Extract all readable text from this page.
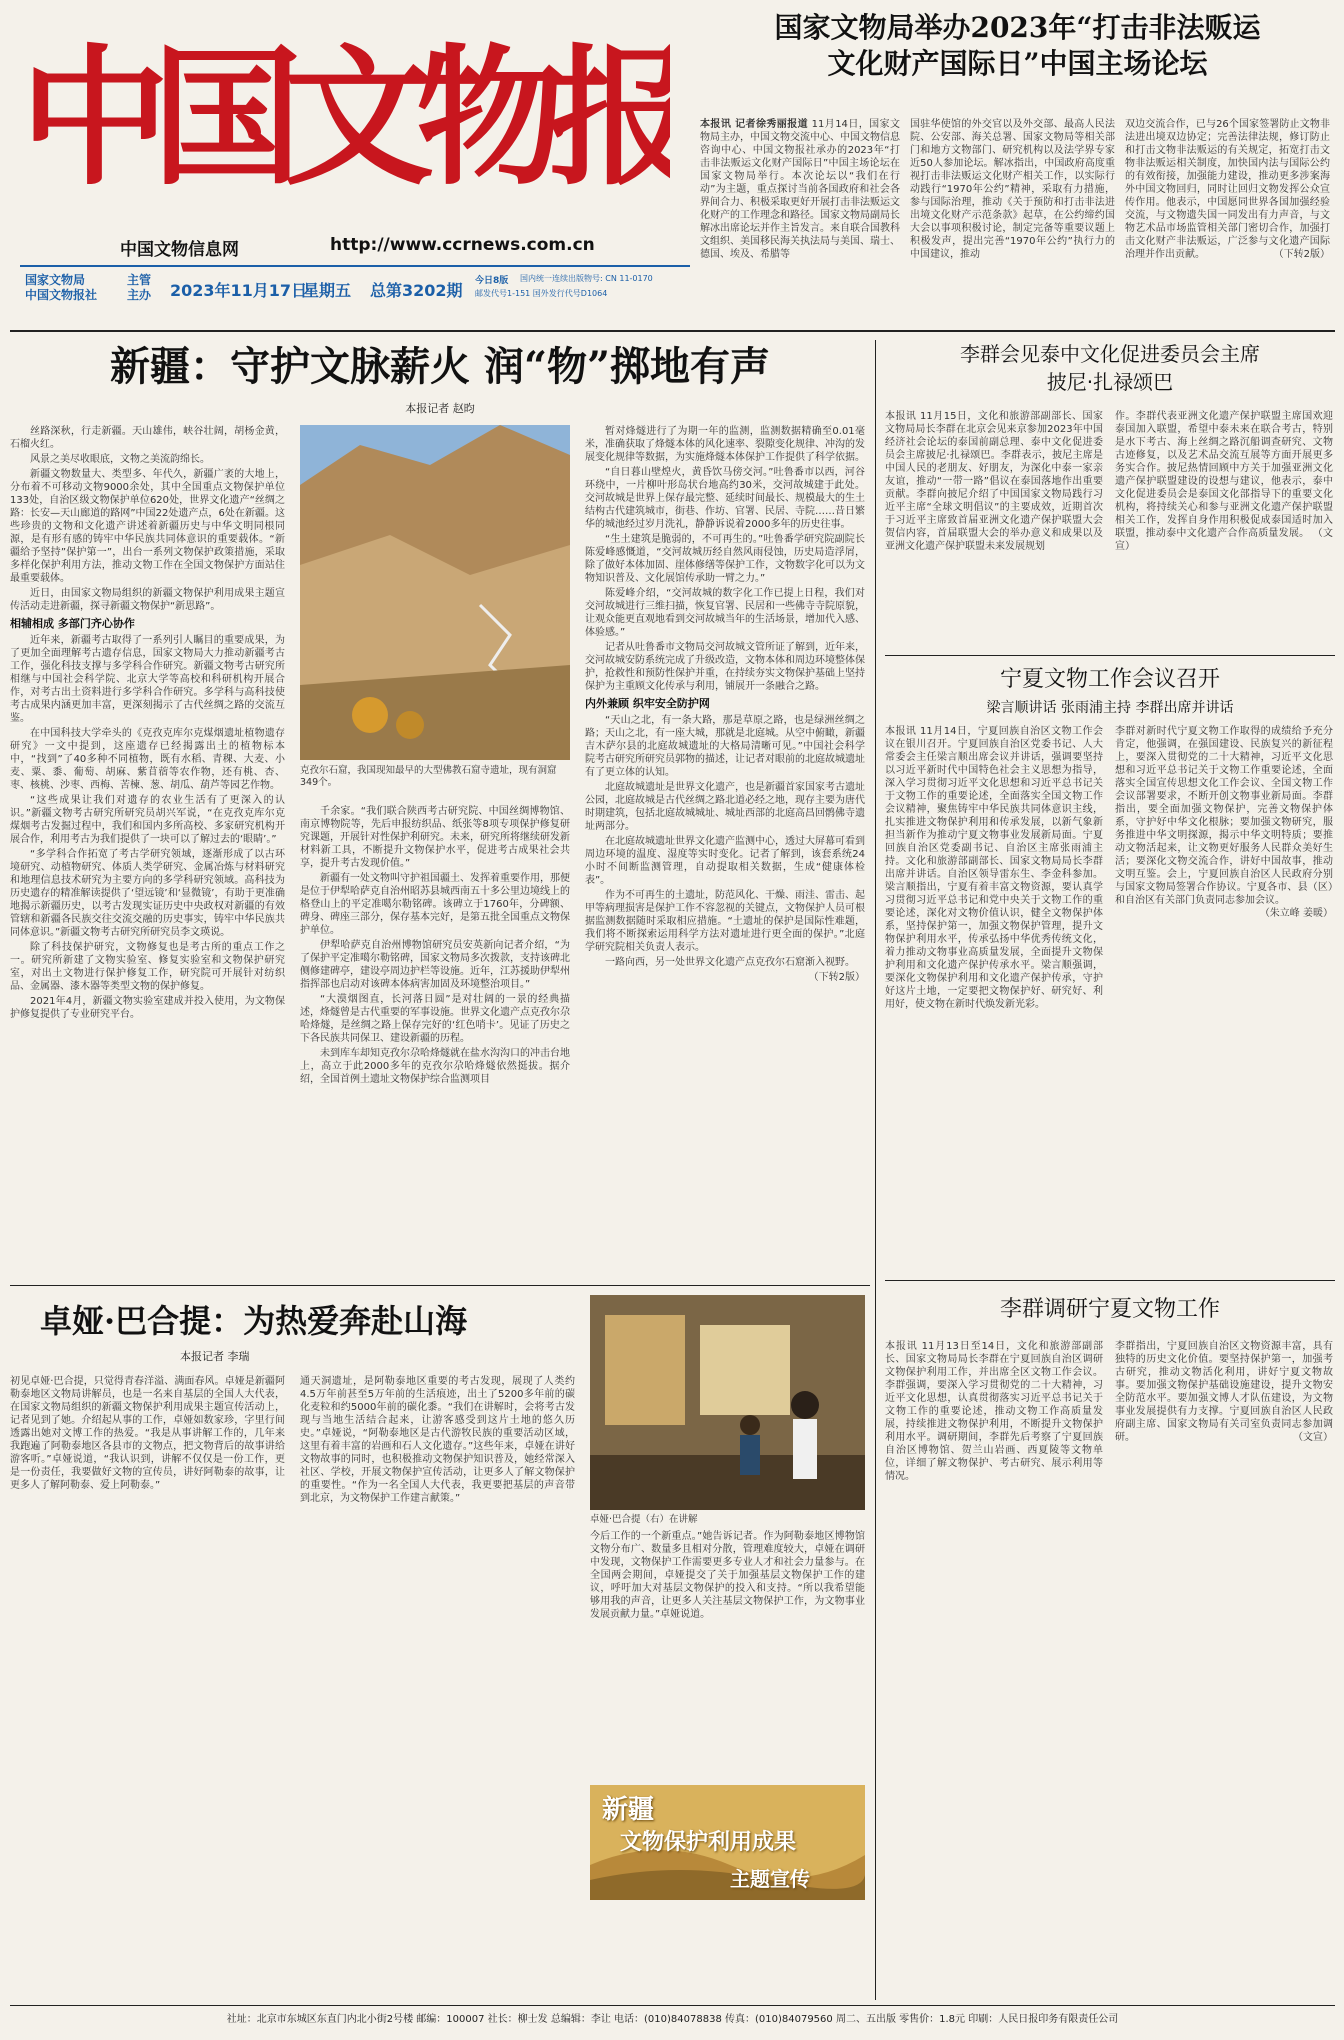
中国文物报
中国文物信息网	http://www.ccrnews.com.cn
国家文物局
中国文物报社
主管
主办	2023年11月17日
星期五 总第3202期 今日8版 国内统一连续出版物号: CN 11-0170
邮发代号1-151 国外发行代号D1064
国家文物局举办2023年“打击非法贩运
文化财产国际日”中国主场论坛
本报讯 记者徐秀丽报道 11月14日，国家文物局主办，中国文物交流中心、中国文物信息咨询中心、中国文物报社承办的2023年“打击非法贩运文化财产国际日”中国主场论坛在国家文物局举行。本次论坛以“我们在行动”为主题，重点探讨当前各国政府和社会各界间合力、积极采取更好开展打击非法贩运文化财产的工作理念和路径。国家文物局副局长解冰出席论坛并作主旨发言。来自联合国教科文组织、美国移民海关执法局与美国、瑞士、德国、埃及、希腊等
国驻华使馆的外交官以及外交部、最高人民法院、公安部、海关总署、国家文物局等相关部门和地方文物部门、研究机构以及法学界专家近50人参加论坛。解冰指出，中国政府高度重视打击非法贩运文化财产相关工作，以实际行动践行“1970年公约”精神，采取有力措施，参与国际治理，推动《关于预防和打击非法进出境文化财产示范条款》起草，在公约缔约国大会以事项积极讨论，制定完备等重要议题上积极发声，提出完善“1970年公约”执行力的中国建议，推动
双边交流合作，已与26个国家签署防止文物非法进出境双边协定；完善法律法规，修订防止和打击文物非法贩运的有关规定，拓宽打击文物非法贩运相关制度，加快国内法与国际公约的有效衔接，加强能力建设，推动更多涉案海外中国文物回归，同时让回归文物发挥公众宣传作用。他表示，中国愿同世界各国加强经验交流，与文物遗失国一同发出有力声音，与文物艺术品市场监管相关部门密切合作，加强打击文化财产非法贩运，广泛参与文化遗产国际治理并作出贡献。	（下转2版）
新疆：守护文脉薪火 润“物”掷地有声
本报记者 赵昀

丝路深秋，行走新疆。天山雄伟，峡谷壮阔，胡杨金黄，石榴火红。

风景之美尽收眼底，文物之美流韵绵长。

新疆文物数量大、类型多、年代久，新疆广袤的大地上，分布着不可移动文物9000余处，其中全国重点文物保护单位133处，自治区级文物保护单位620处，世界文化遗产“丝绸之路：长安—天山廊道的路网”中国22处遗产点，6处在新疆。这些珍贵的文物和文化遗产讲述着新疆历史与中华文明同根同源，是有形有感的铸牢中华民族共同体意识的重要载体。“新疆给予坚持”保护第一”，出台一系列文物保护政策措施，采取多样化保护利用方法，推动文物工作在全国文物保护方面站住最重要载体。

近日，由国家文物局组织的新疆文物保护利用成果主题宣传活动走进新疆，探寻新疆文物保护“新思路”。

相辅相成 多部门齐心协作

近年来，新疆考古取得了一系列引人瞩目的重要成果，为了更加全面理解考古遗存信息，国家文物局大力推动新疆考古工作，强化科技支撑与多学科合作研究。新疆文物考古研究所相继与中国社会科学院、北京大学等高校和科研机构开展合作，对考古出土资料进行多学科合作研究。多学科与高科技使考古成果内涵更加丰富，更深刻揭示了古代丝绸之路的交流互鉴。

在中国科技大学牵头的《克孜克库尔克煤烟遗址植物遗存研究》一文中提到，这座遗存已经揭露出土的植物标本中，“找到”了40多种不同植物，既有水稻、青稞、大麦、小麦、粟、黍、葡萄、胡麻、紫苜蓿等农作物，还有桃、杏、枣、核桃、沙枣、西梅、苦楝、葱、胡瓜、葫芦等园艺作物。

“这些成果让我们对遗存的农业生活有了更深入的认识。”新疆文物考古研究所研究员胡兴军说，“在克孜克库尔克煤烟考古发掘过程中，我们和国内多所高校、多家研究机构开展合作，利用考古为我们提供了一块可以了解过去的‘眼睛’。”

“多学科合作拓宽了考古学研究领域，逐渐形成了以古环境研究、动植物研究、体质人类学研究、金属冶炼与材料研究和地理信息技术研究为主要方向的多学科研究领域。高科技为历史遗存的精准解读提供了‘望远镜’和‘显微镜’，有助于更准确地揭示新疆历史，以考古发现实证历史中央政权对新疆的有效管辖和新疆各民族交往交流交融的历史事实，铸牢中华民族共同体意识。”新疆文物考古研究所研究员李文瑛说。

除了科技保护研究，文物修复也是考古所的重点工作之一。研究所新建了文物实验室、修复实验室和文物保护研究室，对出土文物进行保护修复工作，研究院可开展针对纺织品、金属器、漆木器等类型文物的保护修复。

2021年4月，新疆文物实验室建成并投入使用，为文物保护修复提供了专业研究平台。

克孜尔石窟，我国现知最早的大型佛教石窟寺遗址，现有洞窟349个。

千余家。“我们联合陕西考古研究院、中国丝绸博物馆、南京博物院等，先后申报纺织品、纸张等8项专项保护修复研究课题，开展针对性保护利研究。未来，研究所将继续研发新材料新工具，不断提升文物保护水平，促进考古成果社会共享，提升考古发现价值。”

新疆有一处文物叫守护祖国疆土、发挥着重要作用，那便是位于伊犁哈萨克自治州昭苏县城西南五十多公里边境线上的格登山上的平定准噶尔勒铭碑。该碑立于1760年，分碑额、碑身、碑座三部分，保存基本完好，是第五批全国重点文物保护单位。

伊犁哈萨克自治州博物馆研究员安英新向记者介绍，“为了保护平定准噶尔勒铭碑，国家文物局多次拨款，支持该碑北侧修建碑亭，建设亭周边护栏等设施。近年，江苏援助伊犁州指挥部也启动对该碑本体病害加固及环境整治项目。”

“大漠烟图直，长河落日圆”是对壮阔的一景的经典描述，烽燧曾是古代重要的军事设施。世界文化遗产点克孜尔尕哈烽燧，是丝绸之路上保存完好的‘红色哨卡’。见证了历史之下各民族共同保卫、建设新疆的历程。

未到库车却知克孜尔尕哈烽燧就在盐水沟沟口的冲击台地上，高立于此2000多年的克孜尔尕哈烽燧依然挺拔。据介绍，全国首例土遗址文物保护综合监测项目

暂对烽燧进行了为期一年的监测，监测数据精确至0.01毫米，准确获取了烽燧本体的风化速率、裂隙变化规律、冲沟的发展变化规律等数据，为实施烽燧本体保护工作提供了科学依据。

“自日暮山壁煌火，黄昏饮马傍交河。”吐鲁番市以西，河谷环绕中，一片柳叶形岛状台地高约30米，交河故城建于此处。交河故城是世界上保存最完整、延续时间最长、规模最大的生土结构古代建筑城市，街巷、作坊、官署、民居、寺院……昔日繁华的城池经过岁月洗礼，静静诉说着2000多年的历史往事。

“生土建筑是脆弱的，不可再生的。”吐鲁番学研究院副院长陈爱峰感慨道，“交河故城历经自然风雨侵蚀，历史局造浮屑，除了做好本体加固、崖体修缮等保护工作，文物数字化可以为文物知识普及、文化展馆传承助一臂之力。”

陈爱峰介绍，“交河故城的数字化工作已提上日程，我们对交河故城进行三维扫描，恢复官署、民居和一些佛寺寺院原貌，让观众能更直观地看到交河故城当年的生活场景，增加代入感、体验感。”

记者从吐鲁番市文物局交河故城文管所证了解到，近年来，交河故城安防系统完成了升级改造，文物本体和周边环境整体保护，抢救性和预防性保护并重，在持续夯实文物保护基础上坚持保护为主重顾文化传承与利用，铺展开一条融合之路。

内外兼顾 织牢安全防护网

“天山之北，有一条大路，那是草原之路，也是绿洲丝绸之路；天山之北，有一座大城，那就是北庭城。从空中俯瞰，新疆吉木萨尔县的北庭故城遗址的大格局清晰可见。”中国社会科学院考古研究所研究员郭物的描述，让记者对眼前的北庭故城遗址有了更立体的认知。

北庭故城遗址是世界文化遗产，也是新疆首家国家考古遗址公园，北庭故城是古代丝绸之路北道必经之地，现存主要为唐代时期建筑，包括北庭故城城址、城址西部的北庭高昌回鹘佛寺遗址两部分。

在北庭故城遗址世界文化遗产监测中心，透过大屏幕可看到周边环境的温度、湿度等实时变化。记者了解到，该套系统24小时不间断监测管理，自动提取相关数据，生成“健康体检表”。

作为不可再生的土遗址，防范风化、干燥、雨洼、雷击、起甲等病理损害是保护工作不容忽视的关键点，文物保护人员可根据监测数据随时采取相应措施。“土遗址的保护是国际性难题，我们将不断探索运用科学方法对遗址进行更全面的保护。”北庭学研究院相关负责人表示。

一路向西，另一处世界文化遗产点克孜尔石窟渐入视野。

（下转2版）
李群会见泰中文化促进委员会主席
披尼·扎禄颂巴
本报讯 11月15日，文化和旅游部副部长、国家文物局局长李群在北京会见来京参加2023年中国经济社会论坛的泰国前副总理、泰中文化促进委员会主席披尼·扎禄颂巴。李群表示，披尼主席是中国人民的老朋友、好朋友，为深化中泰一家亲友谊，推动“一带一路”倡议在泰国落地作出重要贡献。李群向披尼介绍了中国国家文物局践行习近平主席“全球文明倡议”的主要成效，近期首次于习近平主席致首届亚洲文化遗产保护联盟大会贺信内容，首届联盟大会的举办意义和成果以及亚洲文化遗产保护联盟未来发展规划
作。李群代表亚洲文化遗产保护联盟主席国欢迎泰国加入联盟，希望中泰未来在联合考古，特别是水下考古、海上丝绸之路沉船调查研究、文物古迹修复，以及艺术品交流互展等方面开展更多务实合作。披尼热情回顾中方关于加强亚洲文化遗产保护联盟建设的设想与建议，他表示，泰中文化促进委员会是泰国文化部指导下的重要文化机构，将持续关心和参与亚洲文化遗产保护联盟相关工作，发挥自身作用积极促成泰国适时加入联盟，推动泰中文化遗产合作高质量发展。 （文宣）
宁夏文物工作会议召开
梁言顺讲话 张雨浦主持 李群出席并讲话
本报讯 11月14日，宁夏回族自治区文物工作会议在银川召开。宁夏回族自治区党委书记、人大常委会主任梁言顺出席会议并讲话，强调要坚持以习近平新时代中国特色社会主义思想为指导，深入学习贯彻习近平文化思想和习近平总书记关于文物工作的重要论述，全面落实全国文物工作会议精神，聚焦铸牢中华民族共同体意识主线，扎实推进文物保护利用和传承发展，以新气象新担当新作为推动宁夏文物事业发展新局面。宁夏回族自治区党委副书记、自治区主席张雨浦主持。文化和旅游部副部长、国家文物局局长李群出席并讲话。自治区领导雷东生、李金科参加。梁言顺指出，宁夏有着丰富文物资源，要认真学习贯彻习近平总书记和党中央关于文物工作的重要论述，深化对文物价值认识，健全文物保护体系，坚持保护第一，加强文物保护管理，提升文物保护利用水平，传承弘扬中华优秀传统文化，着力推动文物事业高质量发展，全面提升文物保护利用和文化遗产保护传承水平。梁言顺强调，要深化文物保护利用和文化遗产保护传承，守护好这片土地，一定要把文物保护好、研究好、利用好，使文物在新时代焕发新光彩。
李群对新时代宁夏文物工作取得的成绩给予充分肯定，他强调，在强国建设、民族复兴的新征程上，要深入贯彻党的二十大精神，习近平文化思想和习近平总书记关于文物工作重要论述，全面落实全国宣传思想文化工作会议、全国文物工作会议部署要求，不断开创文物事业新局面。李群指出，要全面加强文物保护，完善文物保护体系，守护好中华文化根脉；要加强文物研究，服务推进中华文明探源，揭示中华文明特质；要推动文物活起来，让文物更好服务人民群众美好生活；要深化文物交流合作，讲好中国故事，推动文明互鉴。会上，宁夏回族自治区人民政府分别与国家文物局签署合作协议。宁夏各市、县（区）和自治区有关部门负责同志参加会议。
（朱立峰 姜暖）
卓娅·巴合提：为热爱奔赴山海
本报记者 李瑞
初见卓娅·巴合提，只觉得青春洋溢、满面春风。卓娅是新疆阿勒泰地区文物局讲解员，也是一名来自基层的全国人大代表，在国家文物局组织的新疆文物保护利用成果主题宣传活动上，记者见到了她。介绍起从事的工作，卓娅如数家珍，字里行间透露出她对文博工作的热爱。“我是从事讲解工作的，几年来我跑遍了阿勒泰地区各县市的文物点，把文物背后的故事讲给游客听。”卓娅说道，“我认识到，讲解不仅仅是一份工作，更是一份责任，我要做好文物的宣传员，讲好阿勒泰的故事，让更多人了解阿勒泰、爱上阿勒泰。”
通天洞遗址，是阿勒泰地区重要的考古发现，展现了人类约4.5万年前甚至5万年前的生活痕迹，出土了5200多年前的碳化麦粒和约5000年前的碳化黍。“我们在讲解时，会将考古发现与当地生活结合起来，让游客感受到这片土地的悠久历史。”卓娅说，“阿勒泰地区是古代游牧民族的重要活动区域，这里有着丰富的岩画和石人文化遗存。”这些年来，卓娅在讲好文物故事的同时，也积极推动文物保护知识普及，她经常深入社区、学校，开展文物保护宣传活动，让更多人了解文物保护的重要性。“作为一名全国人大代表，我更要把基层的声音带到北京，为文物保护工作建言献策。”
卓娅·巴合提（右）在讲解
今后工作的一个新重点。”她告诉记者。作为阿勒泰地区博物馆文物分布广、数量多且相对分散，管理难度较大，卓娅在调研中发现，文物保护工作需要更多专业人才和社会力量参与。在全国两会期间，卓娅提交了关于加强基层文物保护工作的建议，呼吁加大对基层文物保护的投入和支持。“所以我希望能够用我的声音，让更多人关注基层文物保护工作，为文物事业发展贡献力量。”卓娅说道。
新疆
文物保护利用成果
主题宣传
李群调研宁夏文物工作
本报讯 11月13日至14日，文化和旅游部副部长、国家文物局局长李群在宁夏回族自治区调研文物保护利用工作，并出席全区文物工作会议。李群强调，要深入学习贯彻党的二十大精神，习近平文化思想，认真贯彻落实习近平总书记关于文物工作的重要论述，推动文物工作高质量发展，持续推进文物保护利用，不断提升文物保护利用水平。调研期间，李群先后考察了宁夏回族自治区博物馆、贺兰山岩画、西夏陵等文物单位，详细了解文物保护、考古研究、展示利用等情况。
李群指出，宁夏回族自治区文物资源丰富，具有独特的历史文化价值。要坚持保护第一，加强考古研究，推动文物活化利用，讲好宁夏文物故事。要加强文物保护基础设施建设，提升文物安全防范水平。要加强文博人才队伍建设，为文物事业发展提供有力支撑。宁夏回族自治区人民政府副主席、国家文物局有关司室负责同志参加调研。	（文宣）
社址：北京市东城区东直门内北小街2号楼 邮编：100007 社长：柳士发 总编辑：李让 电话：(010)84078838 传真：(010)84079560 周二、五出版 零售价：1.8元 印刷：人民日报印务有限责任公司
